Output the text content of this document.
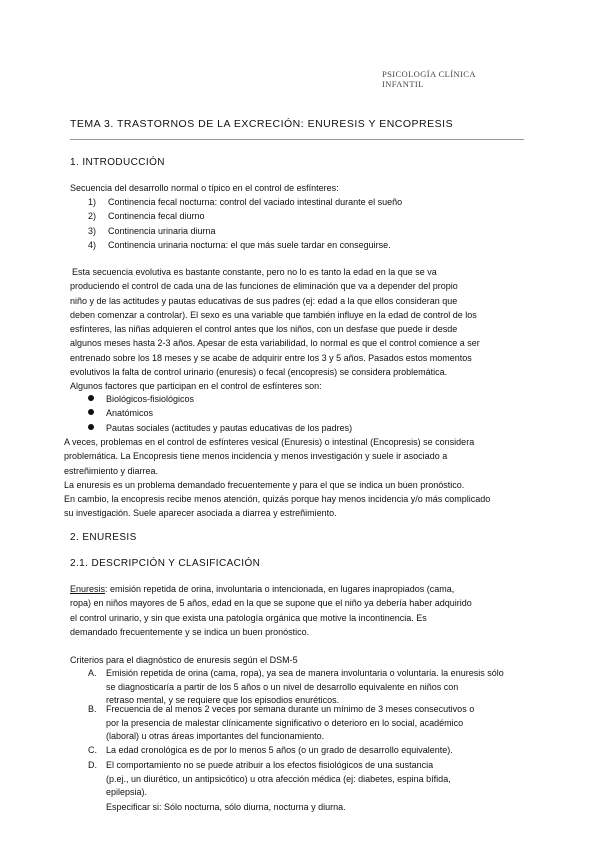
PSICOLOGÍA CLÍNICA
INFANTIL
TEMA 3. TRASTORNOS DE LA EXCRECIÓN: ENURESIS Y ENCOPRESIS
1. INTRODUCCIÓN
Secuencia del desarrollo normal o típico en el control de esfínteres:
1) Continencia fecal nocturna: control del vaciado intestinal durante el sueño
2) Continencia fecal diurno
3) Continencia urinaria diurna
4) Continencia urinaria nocturna: el que más suele tardar en conseguirse.
Esta secuencia evolutiva es bastante constante, pero no lo es tanto la edad en la que se va
produciendo el control de cada una de las funciones de eliminación que va a depender del propio
niño y de las actitudes y pautas educativas de sus padres (ej: edad a la que ellos consideran que
deben comenzar a controlar). El sexo es una variable que también influye en la edad de control de los
esfínteres, las niñas adquieren el control antes que los niños, con un desfase que puede ir desde
algunos meses hasta 2-3 años. Apesar de esta variabilidad, lo normal es que el control comience a ser
entrenado sobre los 18 meses y se acabe de adquirir entre los 3 y 5 años. Pasados estos momentos
evolutivos la falta de control urinario (enuresis) o fecal (encopresis) se considera problemática.
Algunos factores que participan en el control de esfínteres son:
Biológicos-fisiológicos
Anatómicos
Pautas sociales (actitudes y pautas educativas de los padres)
A veces, problemas en el control de esfínteres vesical (Enuresis) o intestinal (Encopresis) se considera
problemática. La Encopresis tiene menos incidencia y menos investigación y suele ir asociado a
estreñimiento y diarrea.
La enuresis es un problema demandado frecuentemente y para el que se indica un buen pronóstico.
En cambio, la encopresis recibe menos atención, quizás porque hay menos incidencia y/o más complicado
su investigación. Suele aparecer asociada a diarrea y estreñimiento.
2. ENURESIS
2.1. DESCRIPCIÓN Y CLASIFICACIÓN
Enuresis: emisión repetida de orina, involuntaria o intencionada, en lugares inapropiados (cama,
ropa) en niños mayores de 5 años, edad en la que se supone que el niño ya debería haber adquirido
el control urinario, y sin que exista una patología orgánica que motive la incontinencia. Es
demandado frecuentemente y se indica un buen pronóstico.
Criterios para el diagnóstico de enuresis según el DSM-5
A. Emisión repetida de orina (cama, ropa), ya sea de manera involuntaria o voluntaria. la enuresis sólo
se diagnosticaría a partir de los 5 años o un nivel de desarrollo equivalente en niños con
retraso mental, y se requiere que los episodios enuréticos.
B. Frecuencia de al menos 2 veces por semana durante un mínimo de 3 meses consecutivos o
por la presencia de malestar clínicamente significativo o deterioro en lo social, académico
(laboral) u otras áreas importantes del funcionamiento.
C. La edad cronológica es de por lo menos 5 años (o un grado de desarrollo equivalente).
D. El comportamiento no se puede atribuir a los efectos fisiológicos de una sustancia
(p.ej., un diurético, un antipsicótico) u otra afección médica (ej: diabetes, espina bífida,
epilepsia).
Especificar si: Sólo nocturna, sólo diurna, nocturna y diurna.
